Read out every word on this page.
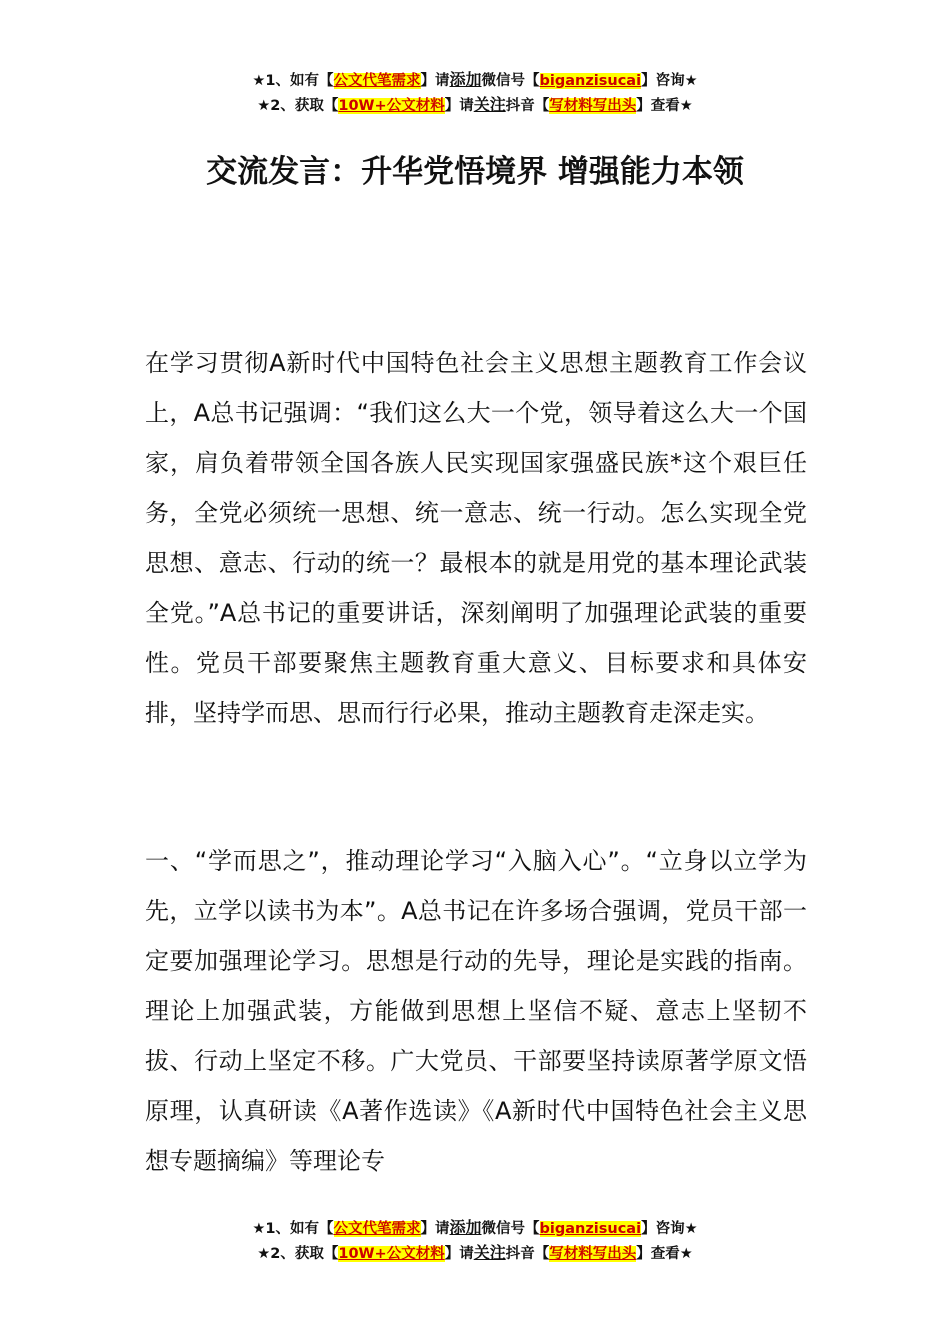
★1、如有【公文代笔需求】请添加微信号【biganzisucai】咨询★
★2、获取【10W+公文材料】请关注抖音【写材料写出头】查看★
交流发言：升华党悟境界 增强能力本领

在学习贯彻A新时代中国特色社会主义思想主题教育工作会议上，A总书记强调：“我们这么大一个党，领导着这么大一个国家，肩负着带领全国各族人民实现国家强盛民族*这个艰巨任务，全党必须统一思想、统一意志、统一行动。怎么实现全党思想、意志、行动的统一？最根本的就是用党的基本理论武装全党。”A总书记的重要讲话，深刻阐明了加强理论武装的重要性。党员干部要聚焦主题教育重大意义、目标要求和具体安排，坚持学而思、思而行行必果，推动主题教育走深走实。

一、“学而思之”，推动理论学习“入脑入心”。“立身以立学为先，立学以读书为本”。A总书记在许多场合强调，党员干部一定要加强理论学习。思想是行动的先导，理论是实践的指南。理论上加强武装，方能做到思想上坚信不疑、意志上坚韧不拔、行动上坚定不移。广大党员、干部要坚持读原著学原文悟原理，认真研读《A著作选读》《A新时代中国特色社会主义思想专题摘编》等理论专

★1、如有【公文代笔需求】请添加微信号【biganzisucai】咨询★
★2、获取【10W+公文材料】请关注抖音【写材料写出头】查看★
